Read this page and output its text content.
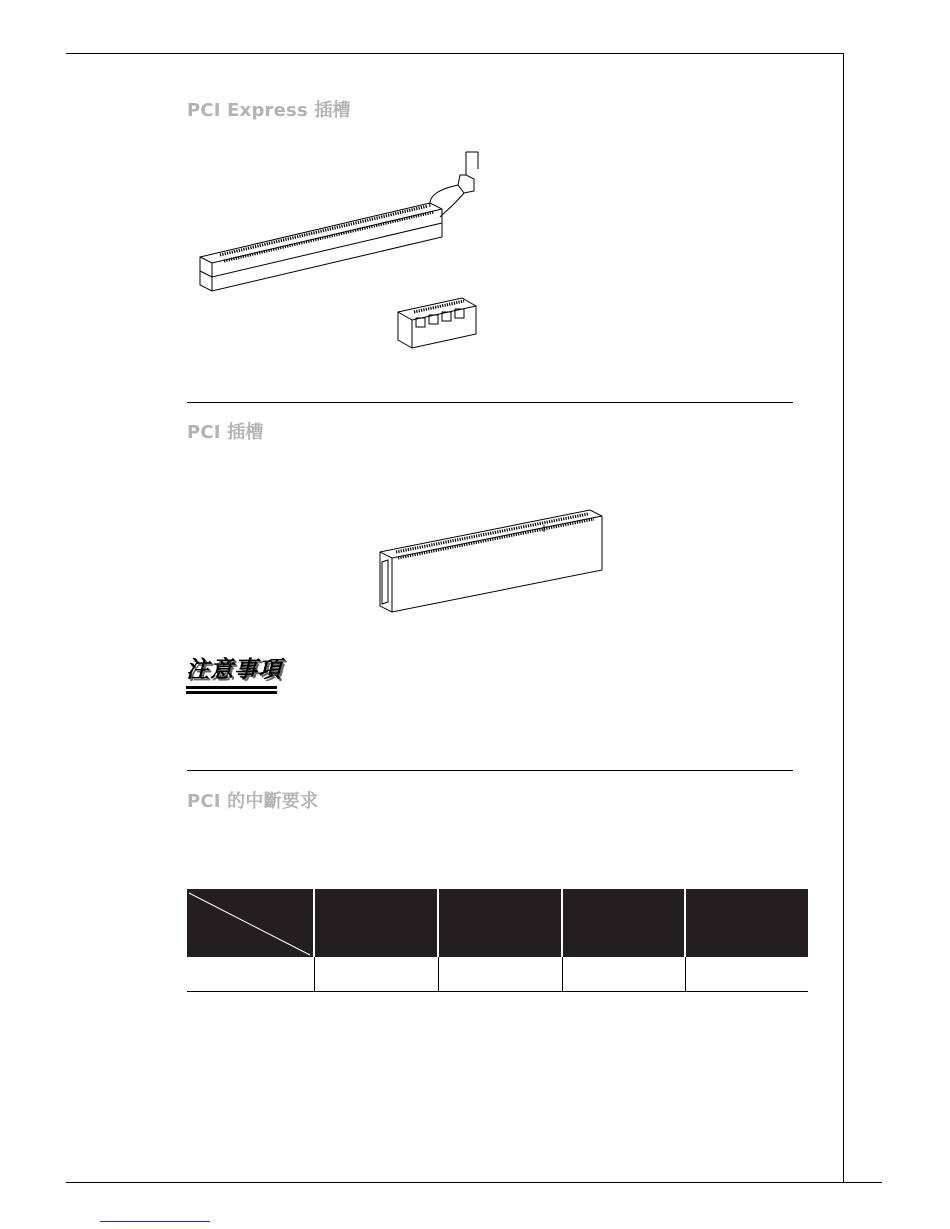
PCI Express 插槽
PCI 插槽
注意事項
PCI 的中斷要求
